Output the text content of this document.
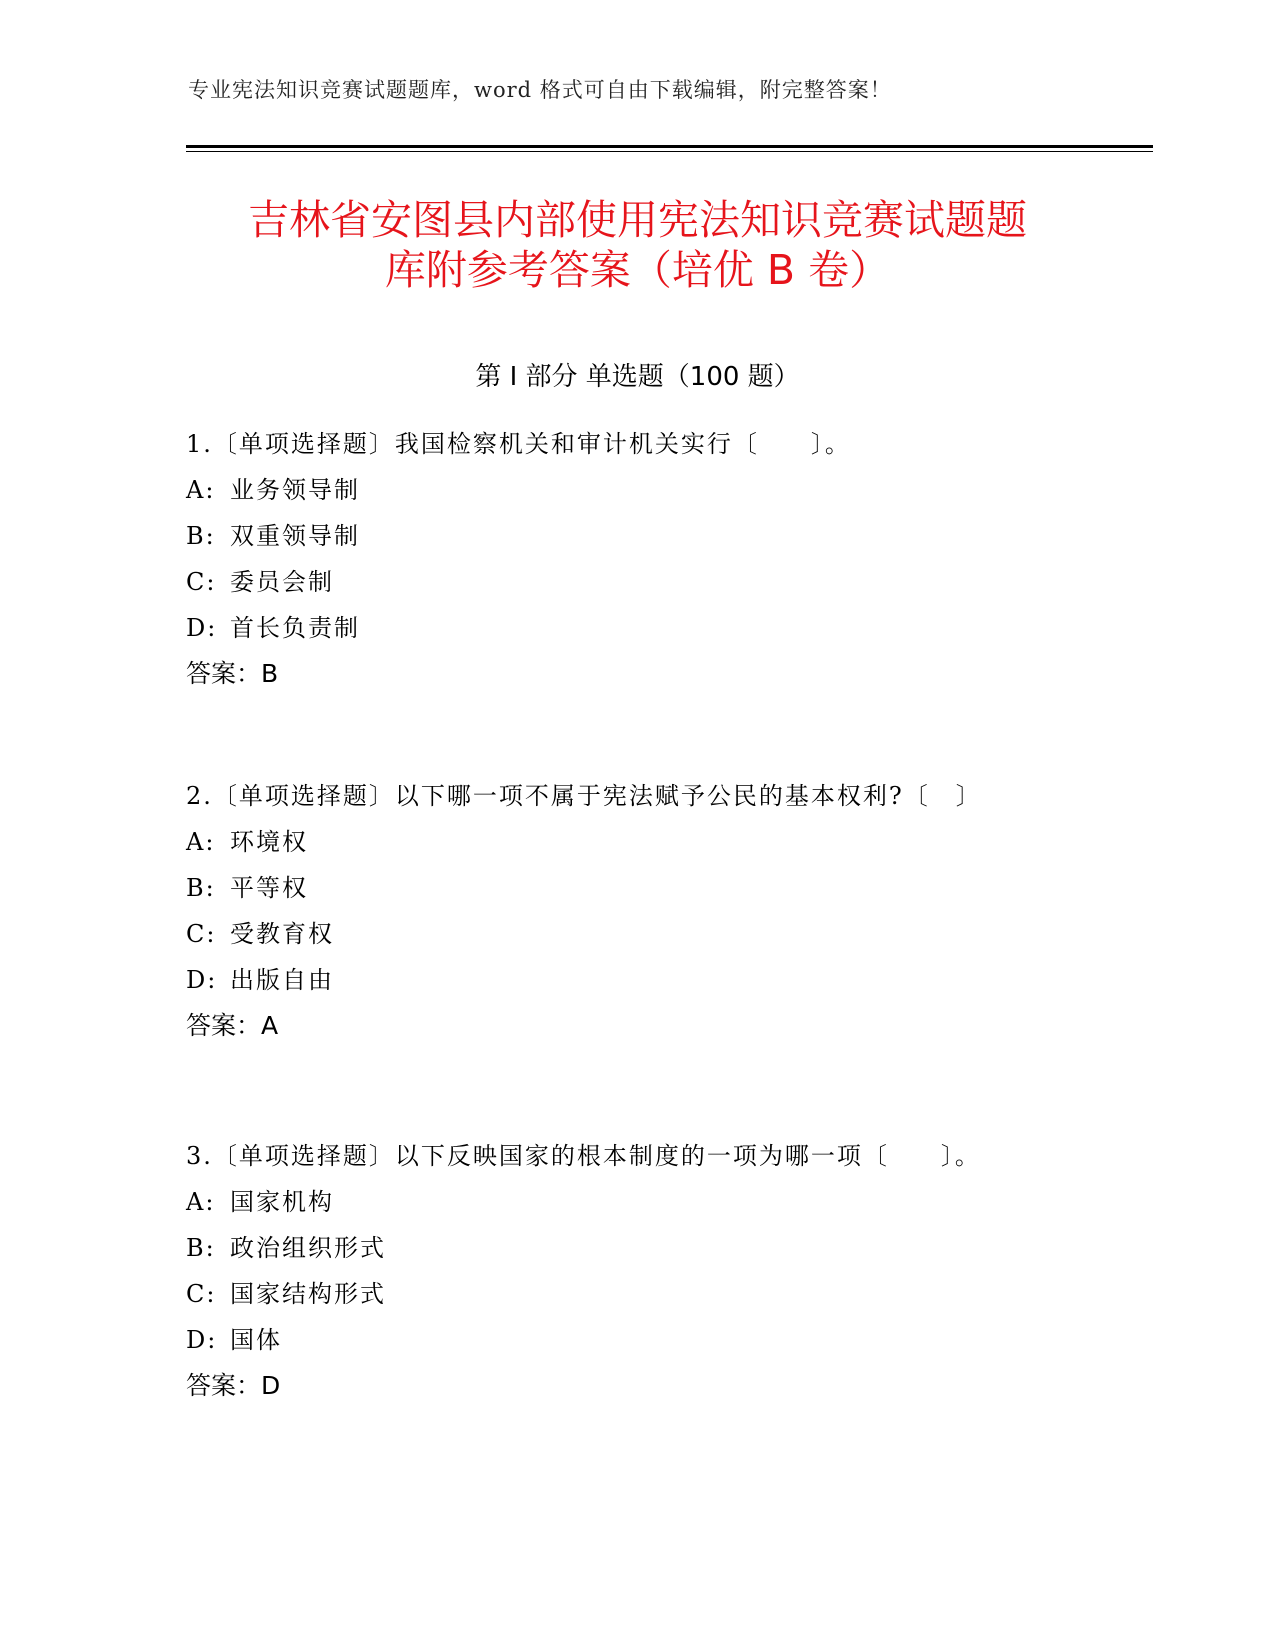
专业宪法知识竞赛试题题库，word 格式可自由下载编辑，附完整答案！
吉林省安图县内部使用宪法知识竞赛试题题
库附参考答案（培优 B 卷）
第 I 部分 单选题（100 题）
1.〔单项选择题〕我国检察机关和审计机关实行〔　　〕。
A: 业务领导制
B: 双重领导制
C: 委员会制
D: 首长负责制
答案：B
2.〔单项选择题〕以下哪一项不属于宪法赋予公民的基本权利?〔　〕
A: 环境权
B: 平等权
C: 受教育权
D: 出版自由
答案：A
3.〔单项选择题〕以下反映国家的根本制度的一项为哪一项〔　　〕。
A: 国家机构
B: 政治组织形式
C: 国家结构形式
D: 国体
答案：D
